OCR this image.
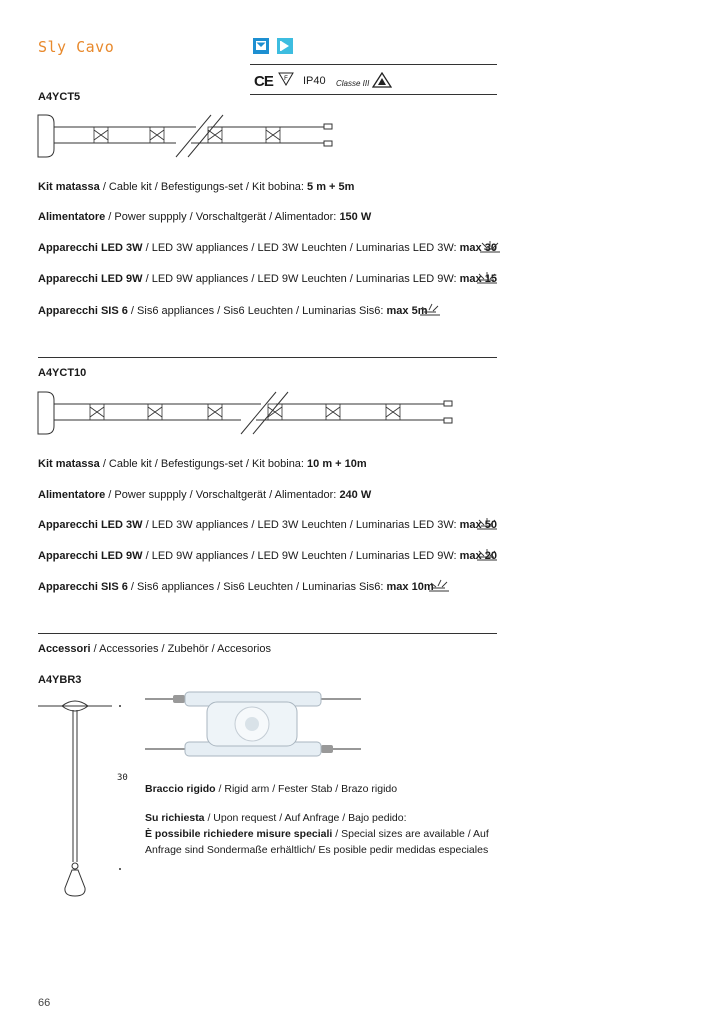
Sly Cavo
CE F IP40 Classe III
A4YCT5
Kit matassa / Cable kit / Befestigungs-set / Kit bobina: 5 m + 5m
Alimentatore / Power suppply / Vorschaltgerät / Alimentador: 150 W
Apparecchi LED 3W / LED 3W appliances / LED 3W Leuchten / Luminarias LED 3W: max 30
Apparecchi LED 9W / LED 9W appliances / LED 9W Leuchten / Luminarias LED 9W: max 15
Apparecchi SIS 6 / Sis6 appliances / Sis6 Leuchten / Luminarias Sis6: max 5m
A4YCT10
Kit matassa / Cable kit / Befestigungs-set / Kit bobina: 10 m + 10m
Alimentatore / Power suppply / Vorschaltgerät / Alimentador: 240 W
Apparecchi LED 3W / LED 3W appliances / LED 3W Leuchten / Luminarias LED 3W: max 50
Apparecchi LED 9W / LED 9W appliances / LED 9W Leuchten / Luminarias LED 9W: max 20
Apparecchi SIS 6 / Sis6 appliances / Sis6 Leuchten / Luminarias Sis6: max 10m
Accessori / Accessories / Zubehör / Accesorios
A4YBR3
30
Braccio rigido / Rigid arm / Fester Stab / Brazo rigido
Su richiesta / Upon request / Auf Anfrage / Bajo pedido:
È possibile richiedere misure speciali / Special sizes are available / Auf
Anfrage sind Sondermaße erhältlich/ Es posible pedir medidas especiales
66
